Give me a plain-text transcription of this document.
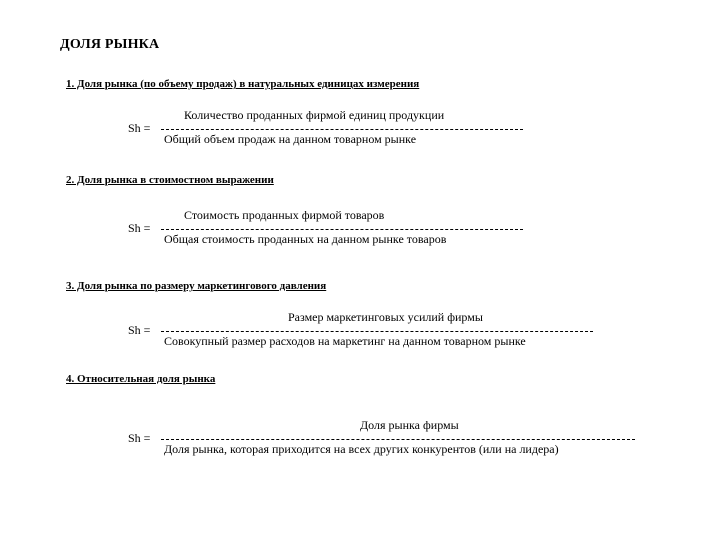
ДОЛЯ РЫНКА
1. Доля рынка (по объему продаж) в натуральных единицах измерения
Количество проданных фирмой единиц продукции
Sh =
Общий объем продаж на данном товарном рынке
2. Доля рынка в стоимостном выражении
Стоимость проданных фирмой товаров
Sh =
Общая стоимость проданных на данном рынке товаров
3. Доля рынка по размеру маркетингового давления
Размер маркетинговых усилий фирмы
Sh =
Совокупный размер расходов на маркетинг на данном товарном рынке
4. Относительная доля рынка
Доля рынка фирмы
Sh =
Доля рынка, которая приходится на всех других конкурентов (или на лидера)
